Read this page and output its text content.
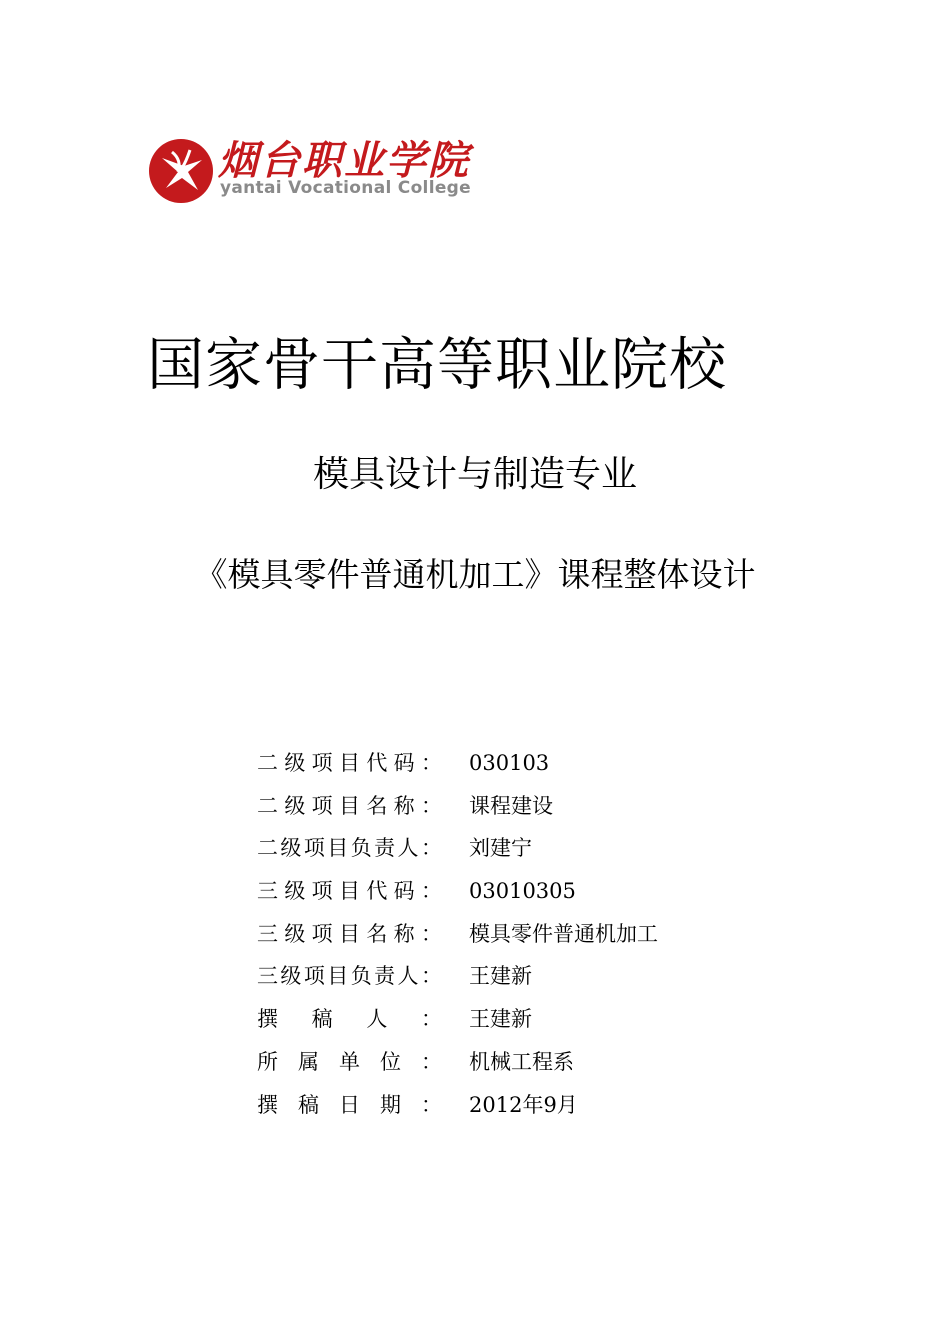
烟台职业学院
yantai Vocational College
国家骨干高等职业院校
模具设计与制造专业
《模具零件普通机加工》课程整体设计
二 级 项 目 代 码 ： 030103
二 级 项 目 名 称 ： 课程建设
二 级 项 目 负 责 人 ： 刘建宁
三 级 项 目 代 码 ： 03010305
三 级 项 目 名 称 ： 模具零件普通机加工
三 级 项 目 负 责 人 ： 王建新
撰 稿 人 ： 王建新
所 属 单 位 ： 机械工程系
撰 稿 日 期 ： 2012年9月
